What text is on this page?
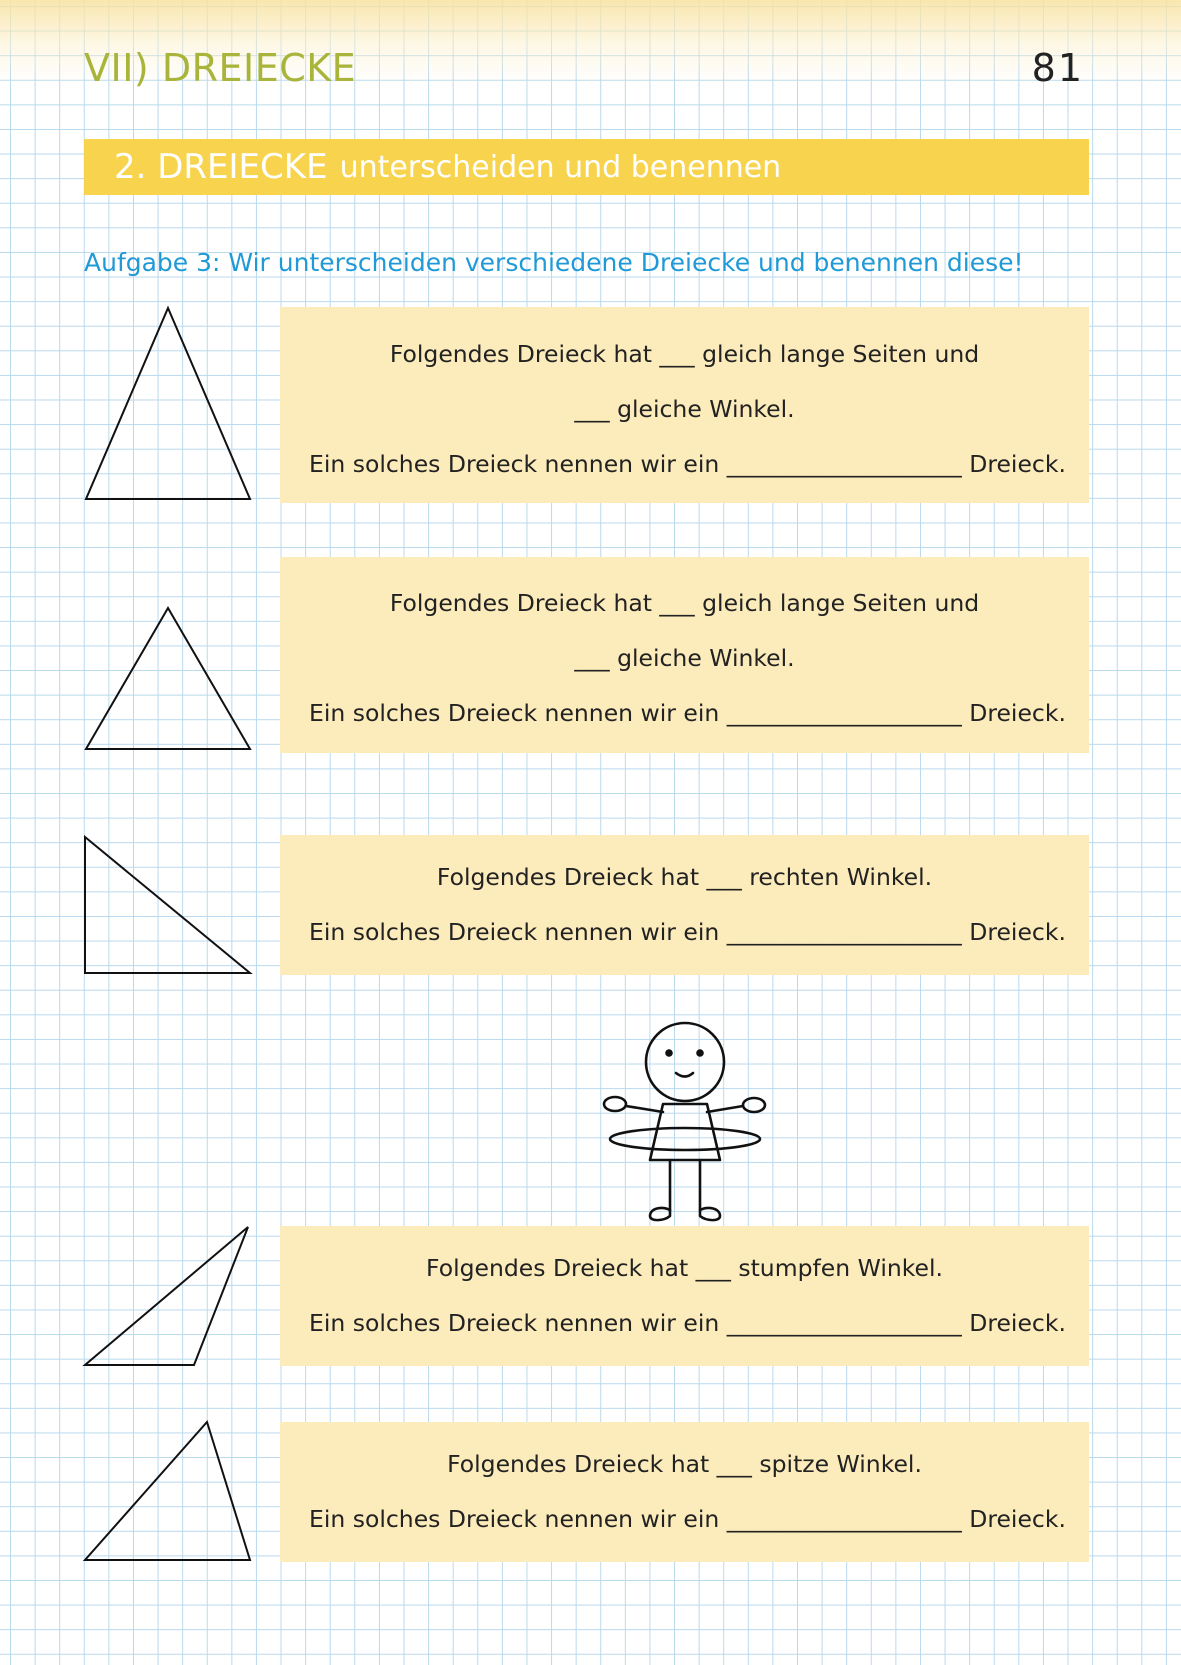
VII) DREIECKE	81
2. DREIECKE unterscheiden und benennen
Aufgabe 3: Wir unterscheiden verschiedene Dreiecke und benennen diese!
Folgendes Dreieck hat ___ gleich lange Seiten und
___ gleiche Winkel.
Ein solches Dreieck nennen wir ein ____________________ Dreieck.
Folgendes Dreieck hat ___ gleich lange Seiten und
___ gleiche Winkel.
Ein solches Dreieck nennen wir ein ____________________ Dreieck.
Folgendes Dreieck hat ___ rechten Winkel.
Ein solches Dreieck nennen wir ein ____________________ Dreieck.
Folgendes Dreieck hat ___ stumpfen Winkel.
Ein solches Dreieck nennen wir ein ____________________ Dreieck.
Folgendes Dreieck hat ___ spitze Winkel.
Ein solches Dreieck nennen wir ein ____________________ Dreieck.
